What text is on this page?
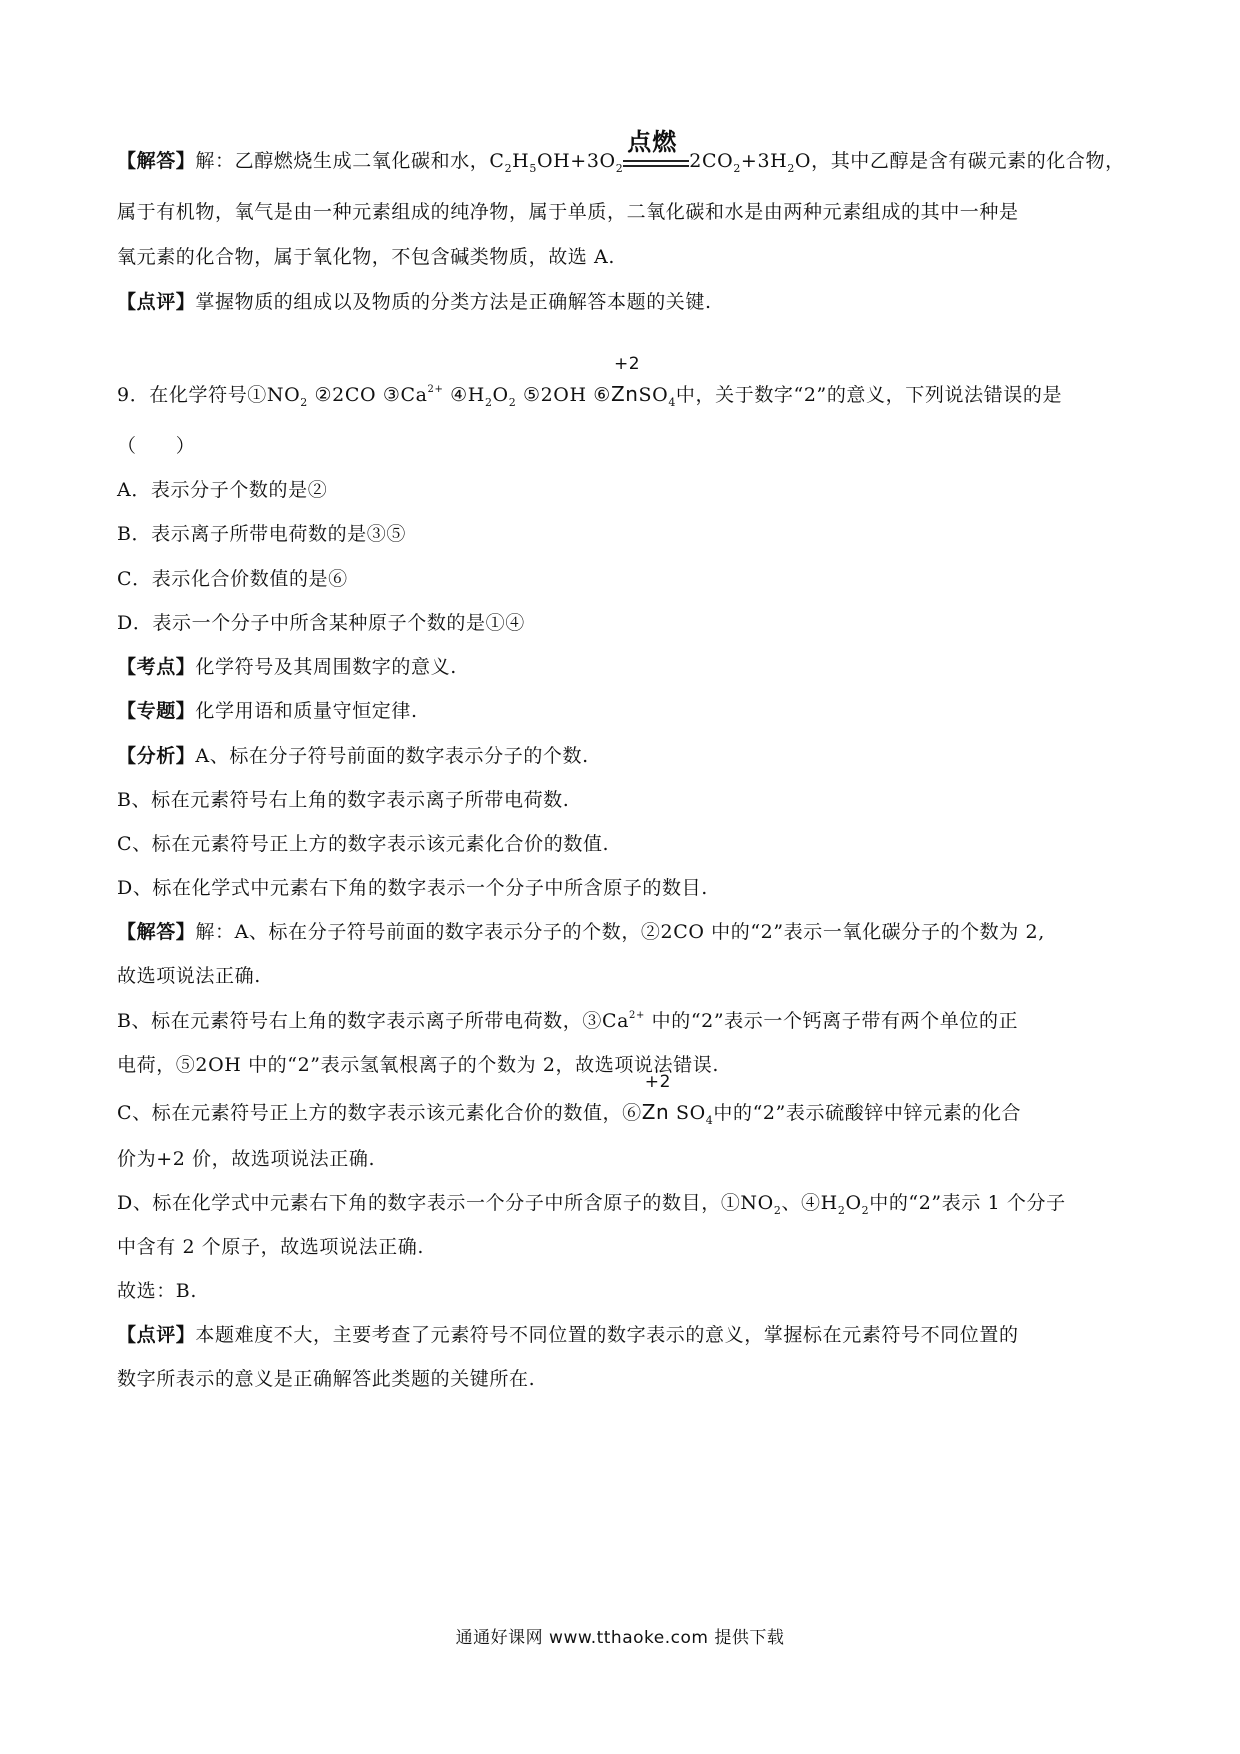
【解答】解：乙醇燃烧生成二氧化碳和水，$C_2H_5OH+3O_2$
点燃
$2CO_2+3H_2O$，其中乙醇是含有碳元素的化合物，
属于有机物，氧气是由一种元素组成的纯净物，属于单质，二氧化碳和水是由两种元素组成的其中一种是
氧元素的化合物，属于氧化物，不包含碱类物质，故选 A.
【点评】掌握物质的组成以及物质的分类方法是正确解答本题的关键.
9．在化学符号$①NO_2$ ②2CO $③Ca^{2+}$ $④H_2O_2$ ⑤2OH ⑥
+2
ZnSO$_4$中，关于数字“2”的意义，下列说法错误的是
（　　）
A．表示分子个数的是②
B．表示离子所带电荷数的是③⑤
C．表示化合价数值的是⑥
D．表示一个分子中所含某种原子个数的是①④
【考点】化学符号及其周围数字的意义.
【专题】化学用语和质量守恒定律.
【分析】A、标在分子符号前面的数字表示分子的个数.
B、标在元素符号右上角的数字表示离子所带电荷数.
C、标在元素符号正上方的数字表示该元素化合价的数值.
D、标在化学式中元素右下角的数字表示一个分子中所含原子的数目.
【解答】解：A、标在分子符号前面的数字表示分子的个数，②2CO 中的“2”表示一氧化碳分子的个数为 2,
故选项说法正确.
B、标在元素符号右上角的数字表示离子所带电荷数，$③Ca^{2+}$ 中的“2”表示一个钙离子带有两个单位的正
电荷，⑤2OH 中的“2”表示氢氧根离子的个数为 2，故选项说法错误.
C、标在元素符号正上方的数字表示该元素化合价的数值，⑥
+2
Zn $SO_4$中的“2”表示硫酸锌中锌元素的化合
价为+2 价，故选项说法正确.
D、标在化学式中元素右下角的数字表示一个分子中所含原子的数目，$①NO_2$、$④H_2O_2$中的“2”表示 1 个分子
中含有 2 个原子，故选项说法正确.
故选：B.
【点评】本题难度不大，主要考查了元素符号不同位置的数字表示的意义，掌握标在元素符号不同位置的
数字所表示的意义是正确解答此类题的关键所在.
通通好课网 www.tthaoke.com 提供下载
